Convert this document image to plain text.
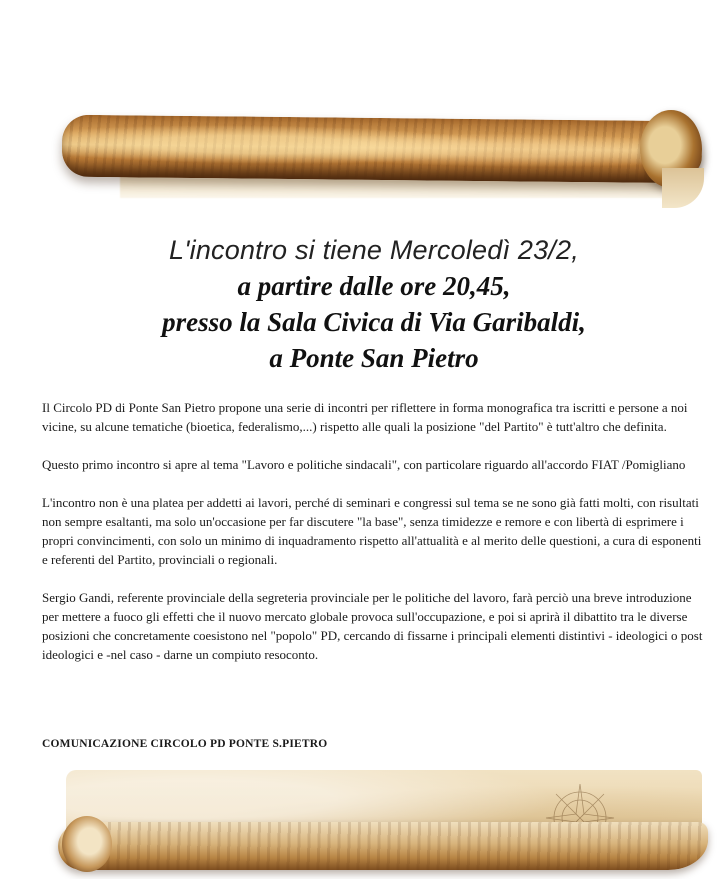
L'incontro si tiene Mercoledì 23/2,
a partire dalle ore 20,45,
presso la Sala Civica di Via Garibaldi,
a Ponte San Pietro

Il Circolo PD di Ponte San Pietro propone una serie di incontri per riflettere in forma monografica tra iscritti e persone a noi vicine, su alcune tematiche (bioetica, federalismo,...) rispetto alle quali la posizione "del Partito" è tutt'altro che definita.

Questo primo incontro si apre al tema "Lavoro e politiche sindacali", con particolare riguardo all'accordo FIAT /Pomigliano

L'incontro non è una platea per addetti ai lavori, perché di seminari e congressi sul tema se ne sono già fatti molti, con risultati non sempre esaltanti, ma solo un'occasione per far discutere "la base", senza timidezze e remore e con libertà di esprimere i propri convincimenti, con solo un minimo di inquadramento rispetto all'attualità e al merito delle questioni, a cura di esponenti e referenti del Partito, provinciali o regionali.

Sergio Gandi, referente provinciale della segreteria provinciale per le politiche del lavoro, farà perciò una breve introduzione per mettere a fuoco gli effetti che il nuovo mercato globale provoca sull'occupazione, e poi si aprirà il dibattito tra le diverse posizioni che concretamente coesistono nel "popolo" PD, cercando di fissarne i principali elementi distintivi - ideologici o post ideologici e -nel caso - darne un compiuto resoconto.

COMUNICAZIONE CIRCOLO PD PONTE S.PIETRO
